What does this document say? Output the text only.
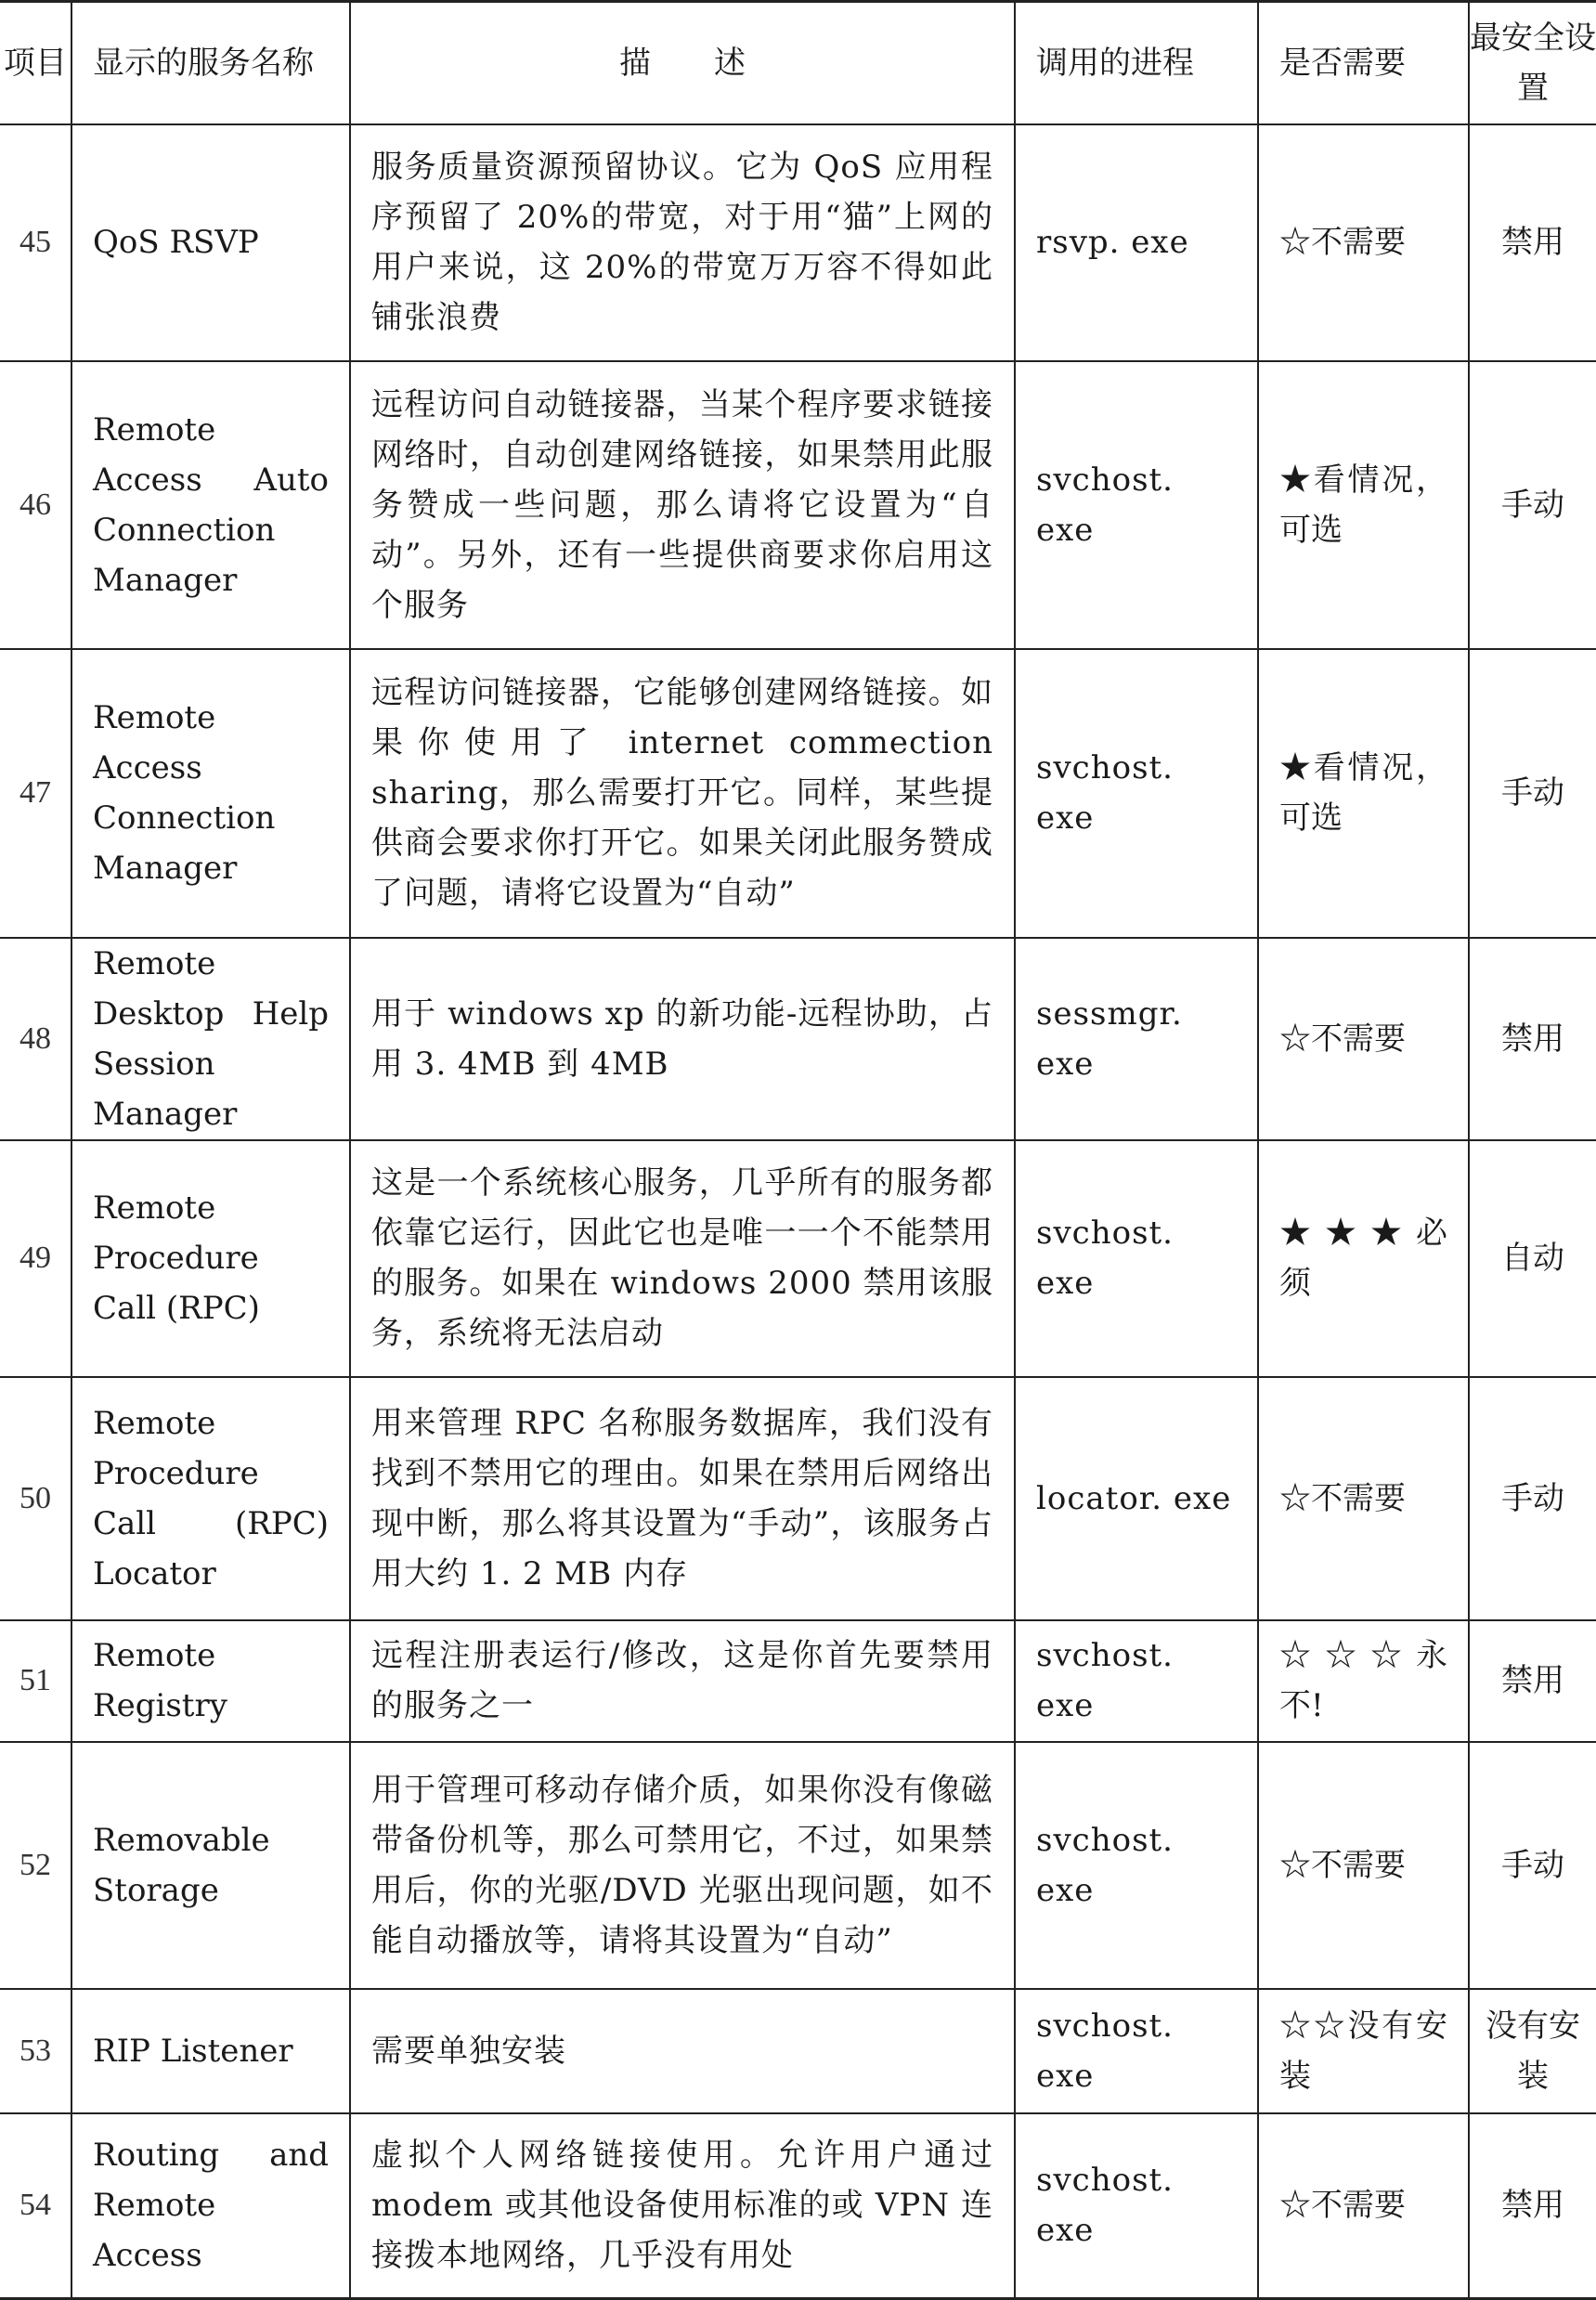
项目	显示的服务名称	描　　述	调用的进程	是否需要	最安全设置
45	QoS RSVP	服务质量资源预留协议。它为 QoS 应用程序预留了 20%的带宽，对于用“猫”上网的用户来说，这 20%的带宽万万容不得如此铺张浪费	rsvp. exe	☆不需要	禁用
46	Remote Access Auto Connection Manager	远程访问自动链接器，当某个程序要求链接网络时，自动创建网络链接，如果禁用此服务赞成一些问题，那么请将它设置为“自动”。另外，还有一些提供商要求你启用这个服务	svchost. exe	★看情况，可选	手动
47	Remote Access Connection Manager	远程访问链接器，它能够创建网络链接。如果你使用了 internet commection sharing，那么需要打开它。同样，某些提供商会要求你打开它。如果关闭此服务赞成了问题，请将它设置为“自动”	svchost. exe	★看情况，可选	手动
48	Remote Desktop Help Session Manager	用于 windows xp 的新功能-远程协助，占用 3. 4MB 到 4MB	sessmgr. exe	☆不需要	禁用
49	Remote Procedure Call (RPC)	这是一个系统核心服务，几乎所有的服务都依靠它运行，因此它也是唯一一个不能禁用的服务。如果在 windows 2000 禁用该服务，系统将无法启动	svchost. exe	★ ★ ★ 必须	自动
50	Remote Procedure Call (RPC) Locator	用来管理 RPC 名称服务数据库，我们没有找到不禁用它的理由。如果在禁用后网络出现中断，那么将其设置为“手动”，该服务占用大约 1. 2 MB 内存	locator. exe	☆不需要	手动
51	Remote Registry	远程注册表运行/修改，这是你首先要禁用的服务之一	svchost. exe	☆ ☆ ☆ 永不!	禁用
52	Removable Storage	用于管理可移动存储介质，如果你没有像磁带备份机等，那么可禁用它，不过，如果禁用后，你的光驱/DVD 光驱出现问题，如不能自动播放等，请将其设置为“自动”	svchost. exe	☆不需要	手动
53	RIP Listener	需要单独安装	svchost. exe	☆☆没有安装	没有安装
54	Routing and Remote Access	虚拟个人网络链接使用。允许用户通过 modem 或其他设备使用标准的或 VPN 连接拨本地网络，几乎没有用处	svchost. exe	☆不需要	禁用
